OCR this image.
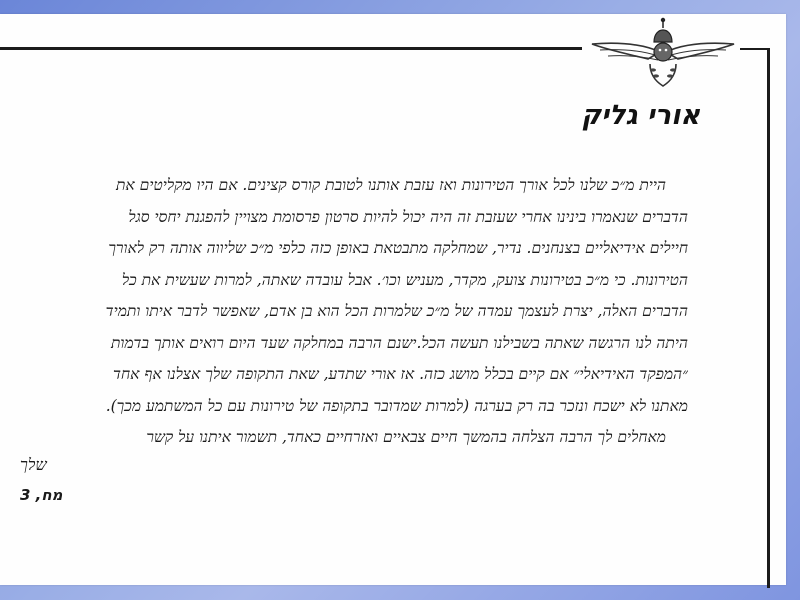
אורי גליק
היית מ״כ שלנו לכל אורך הטירונות ואז עזבת אותנו לטובת קורס קצינים. אם היו מקליטים את
הדברים שנאמרו בינינו אחרי שעזבת זה היה יכול להיות סרטון פרסומת מצויין להפגנת יחסי סגל
חיילים אידיאליים בצנחנים. נדיר, שמחלקה מתבטאת באופן כזה כלפי מ״כ שליווה אותה רק לאורך
הטירונות. כי מ״כ בטירונות צועק, מקדר, מעניש וכו׳. אבל עובדה שאתה, למרות שעשית את כל
הדברים האלה, יצרת לעצמך עמדה של מ״כ שלמרות הכל הוא בן אדם, שאפשר לדבר איתו ותמיד
היתה לנו הרגשה שאתה בשבילנו תעשה הכל.ישנם הרבה במחלקה שעד היום רואים אותך בדמות
״המפקד האידיאלי״ אם קיים בכלל מושג כזה. אז אורי שתדע, שאת התקופה שלך אצלנו אף אחד
מאתנו לא ישכח ונזכר בה רק בערגה (למרות שמדובר בתקופה של טירונות עם כל המשתמע מכך).
מאחלים לך הרבה הצלחה בהמשך חיים צבאיים ואזרחיים כאחד, תשמור איתנו על קשר
שלך
מח, 3
